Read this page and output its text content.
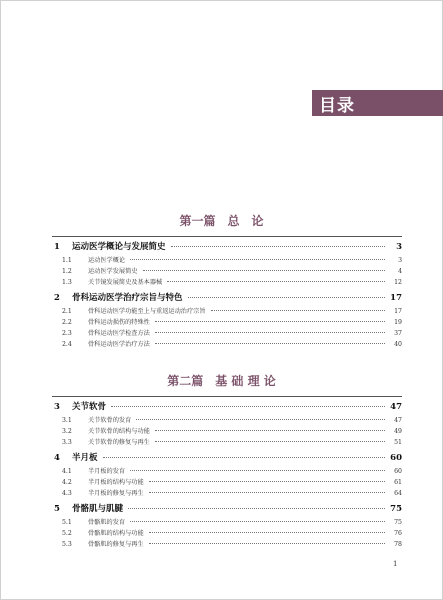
目录
第一篇　总　论
1	运动医学概论与发展简史	3
1.1	运动医学概论	3
1.2	运动医学发展简史	4
1.3	关节镜发展简史及基本器械	12
2	骨科运动医学治疗宗旨与特色	17
2.1	骨科运动医学功能至上与重返运动治疗宗旨	17
2.2	骨科运动损伤的特殊性	19
2.3	骨科运动医学检查方法	37
2.4	骨科运动医学治疗方法	40
第二篇　基 础 理 论
3	关节软骨	47
3.1	关节软骨的发育	47
3.2	关节软骨的结构与功能	49
3.3	关节软骨的修复与再生	51
4	半月板	60
4.1	半月板的发育	60
4.2	半月板的结构与功能	61
4.3	半月板的修复与再生	64
5	骨骼肌与肌腱	75
5.1	骨骼肌的发育	75
5.2	骨骼肌的结构与功能	76
5.3	骨骼肌的修复与再生	78
1
